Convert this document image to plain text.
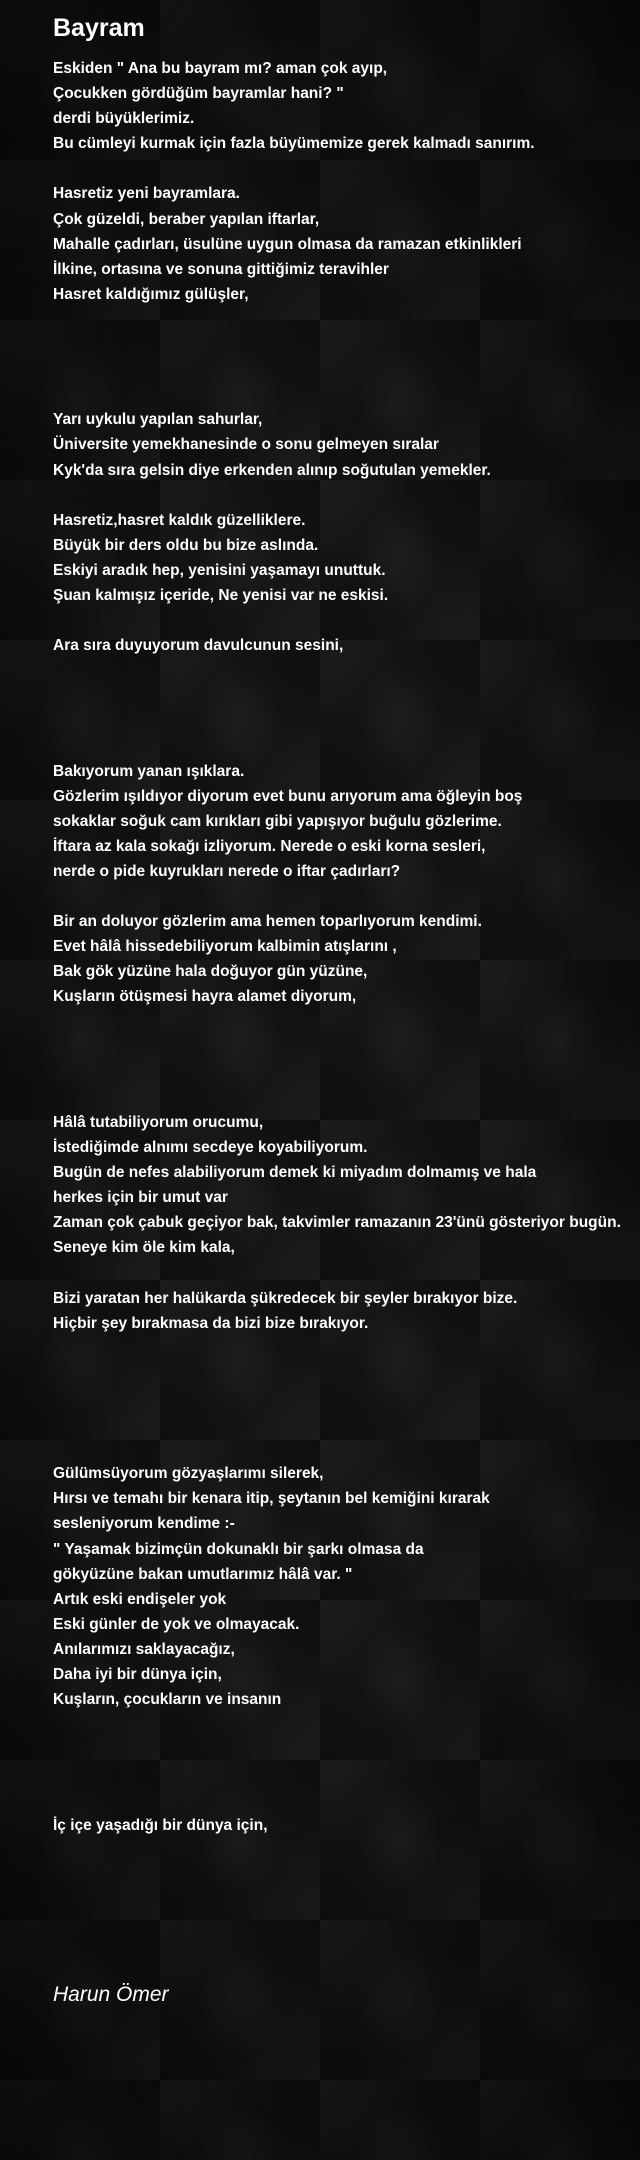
Bayram
Eskiden " Ana bu bayram mı? aman çok ayıp,
Çocukken gördüğüm bayramlar hani? "
derdi büyüklerimiz.
Bu cümleyi kurmak için fazla büyümemize gerek kalmadı sanırım.
Hasretiz yeni bayramlara.
Çok güzeldi, beraber yapılan iftarlar,
Mahalle çadırları, üsulüne uygun olmasa da ramazan etkinlikleri
İlkine, ortasına ve sonuna gittiğimiz teravihler
Hasret kaldığımız gülüşler,
Yarı uykulu yapılan sahurlar,
Üniversite yemekhanesinde o sonu gelmeyen sıralar
Kyk'da sıra gelsin diye erkenden alınıp soğutulan yemekler.
Hasretiz,hasret kaldık güzelliklere.
Büyük bir ders oldu bu bize aslında.
Eskiyi aradık hep, yenisini yaşamayı unuttuk.
Şuan kalmışız içeride, Ne yenisi var ne eskisi.
Ara sıra duyuyorum davulcunun sesini,
Bakıyorum yanan ışıklara.
Gözlerim ışıldıyor diyorum evet bunu arıyorum ama öğleyin boş
sokaklar soğuk cam kırıkları gibi yapışıyor buğulu gözlerime.
İftara az kala sokağı izliyorum. Nerede o eski korna sesleri,
nerde o pide kuyrukları nerede o iftar çadırları?
Bir an doluyor gözlerim ama hemen toparlıyorum kendimi.
Evet hâlâ hissedebiliyorum kalbimin atışlarını ,
Bak gök yüzüne hala doğuyor gün yüzüne,
Kuşların ötüşmesi hayra alamet diyorum,
Hâlâ tutabiliyorum orucumu,
İstediğimde alnımı secdeye koyabiliyorum.
Bugün de nefes alabiliyorum demek ki miyadım dolmamış ve hala
herkes için bir umut var
Zaman çok çabuk geçiyor bak, takvimler ramazanın 23'ünü gösteriyor bugün.
Seneye kim öle kim kala,
Bizi yaratan her halükarda şükredecek bir şeyler bırakıyor bize.
Hiçbir şey bırakmasa da bizi bize bırakıyor.
Gülümsüyorum gözyaşlarımı silerek,
Hırsı ve temahı bir kenara itip, şeytanın bel kemiğini kırarak
sesleniyorum kendime :-
" Yaşamak bizimçün dokunaklı bir şarkı olmasa da
gökyüzüne bakan umutlarımız hâlâ var. "
Artık eski endişeler yok
Eski günler de yok ve olmayacak.
Anılarımızı saklayacağız,
Daha iyi bir dünya için,
Kuşların, çocukların ve insanın
İç içe yaşadığı bir dünya için,
Harun Ömer
